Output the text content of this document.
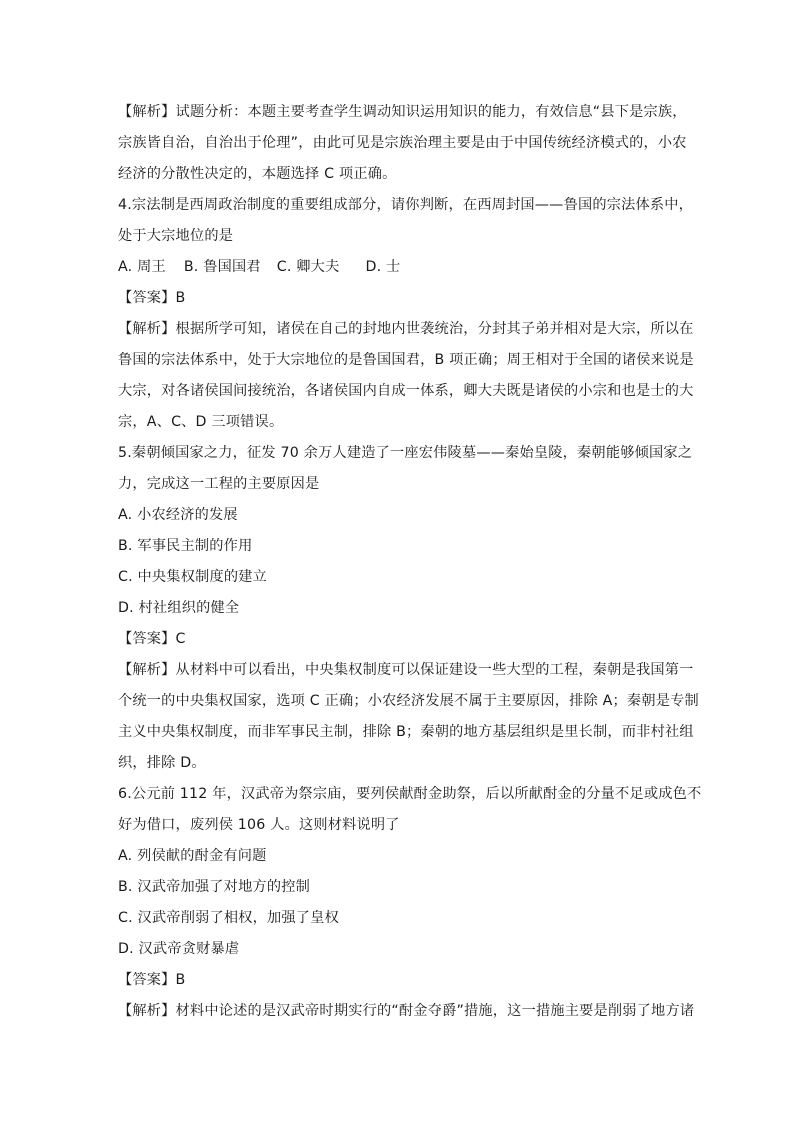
【解析】试题分析：本题主要考查学生调动知识运用知识的能力，有效信息“县下是宗族，
宗族皆自治，自治出于伦理”，由此可见是宗族治理主要是由于中国传统经济模式的，小农
经济的分散性决定的，本题选择 C 项正确。
4.宗法制是西周政治制度的重要组成部分，请你判断，在西周封国——鲁国的宗法体系中，
处于大宗地位的是
A. 周王 B. 鲁国国君 C. 卿大夫 D. 士
【答案】B
【解析】根据所学可知，诸侯在自己的封地内世袭统治，分封其子弟并相对是大宗，所以在
鲁国的宗法体系中，处于大宗地位的是鲁国国君，B 项正确；周王相对于全国的诸侯来说是
大宗，对各诸侯国间接统治，各诸侯国内自成一体系，卿大夫既是诸侯的小宗和也是士的大
宗，A、C、D 三项错误。
5.秦朝倾国家之力，征发 70 余万人建造了一座宏伟陵墓——秦始皇陵，秦朝能够倾国家之
力，完成这一工程的主要原因是
A. 小农经济的发展
B. 军事民主制的作用
C. 中央集权制度的建立
D. 村社组织的健全
【答案】C
【解析】从材料中可以看出，中央集权制度可以保证建设一些大型的工程，秦朝是我国第一
个统一的中央集权国家，选项 C 正确；小农经济发展不属于主要原因，排除 A；秦朝是专制
主义中央集权制度，而非军事民主制，排除 B；秦朝的地方基层组织是里长制，而非村社组
织，排除 D。
6.公元前 112 年，汉武帝为祭宗庙，要列侯献酎金助祭，后以所献酎金的分量不足或成色不
好为借口，废列侯 106 人。这则材料说明了
A. 列侯献的酎金有问题
B. 汉武帝加强了对地方的控制
C. 汉武帝削弱了相权，加强了皇权
D. 汉武帝贪财暴虐
【答案】B
【解析】材料中论述的是汉武帝时期实行的“酎金夺爵”措施，这一措施主要是削弱了地方诸
